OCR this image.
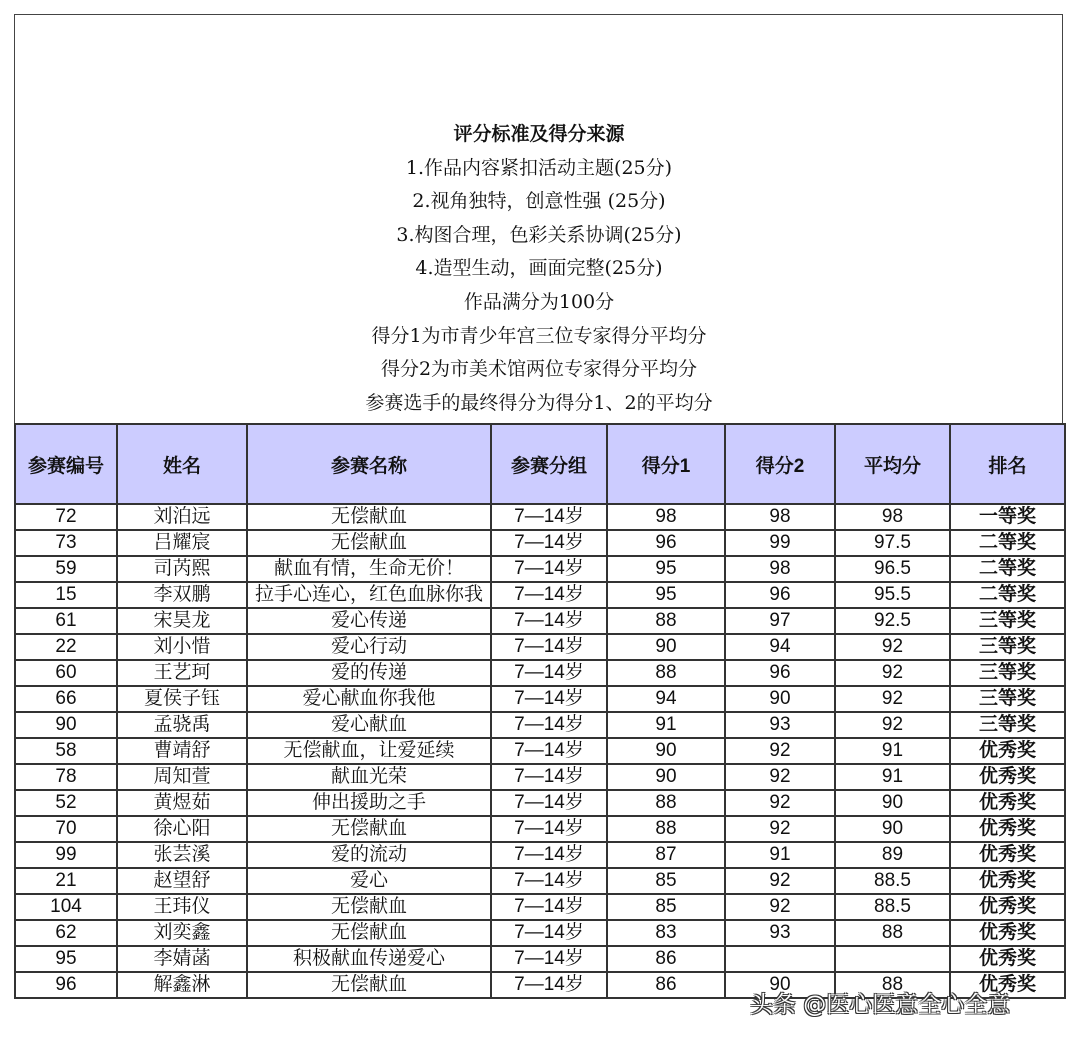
评分标准及得分来源
1.作品内容紧扣活动主题(25分)
2.视角独特，创意性强 (25分)
3.构图合理，色彩关系协调(25分)
4.造型生动，画面完整(25分)
作品满分为100分
得分1为市青少年宫三位专家得分平均分
得分2为市美术馆两位专家得分平均分
参赛选手的最终得分为得分1、2的平均分
参赛编号	姓名	参赛名称	参赛分组	得分1	得分2	平均分	排名
72	刘泊远	无偿献血	7—14岁	98	98	98	一等奖
73	吕耀宸	无偿献血	7—14岁	96	99	97.5	二等奖
59	司芮熙	献血有情，生命无价！	7—14岁	95	98	96.5	二等奖
15	李双鹏	拉手心连心，红色血脉你我	7—14岁	95	96	95.5	二等奖
61	宋昊龙	爱心传递	7—14岁	88	97	92.5	三等奖
22	刘小惜	爱心行动	7—14岁	90	94	92	三等奖
60	王艺珂	爱的传递	7—14岁	88	96	92	三等奖
66	夏侯子钰	爱心献血你我他	7—14岁	94	90	92	三等奖
90	孟骁禹	爱心献血	7—14岁	91	93	92	三等奖
58	曹靖舒	无偿献血，让爱延续	7—14岁	90	92	91	优秀奖
78	周知萱	献血光荣	7—14岁	90	92	91	优秀奖
52	黄煜茹	伸出援助之手	7—14岁	88	92	90	优秀奖
70	徐心阳	无偿献血	7—14岁	88	92	90	优秀奖
99	张芸溪	爱的流动	7—14岁	87	91	89	优秀奖
21	赵望舒	爱心	7—14岁	85	92	88.5	优秀奖
104	王玮仪	无偿献血	7—14岁	85	92	88.5	优秀奖
62	刘奕鑫	无偿献血	7—14岁	83	93	88	优秀奖
95	李婧菡	积极献血传递爱心	7—14岁	86			优秀奖
96	解鑫淋	无偿献血	7—14岁	86	90	88	优秀奖
头条 @医心医意全心全意
